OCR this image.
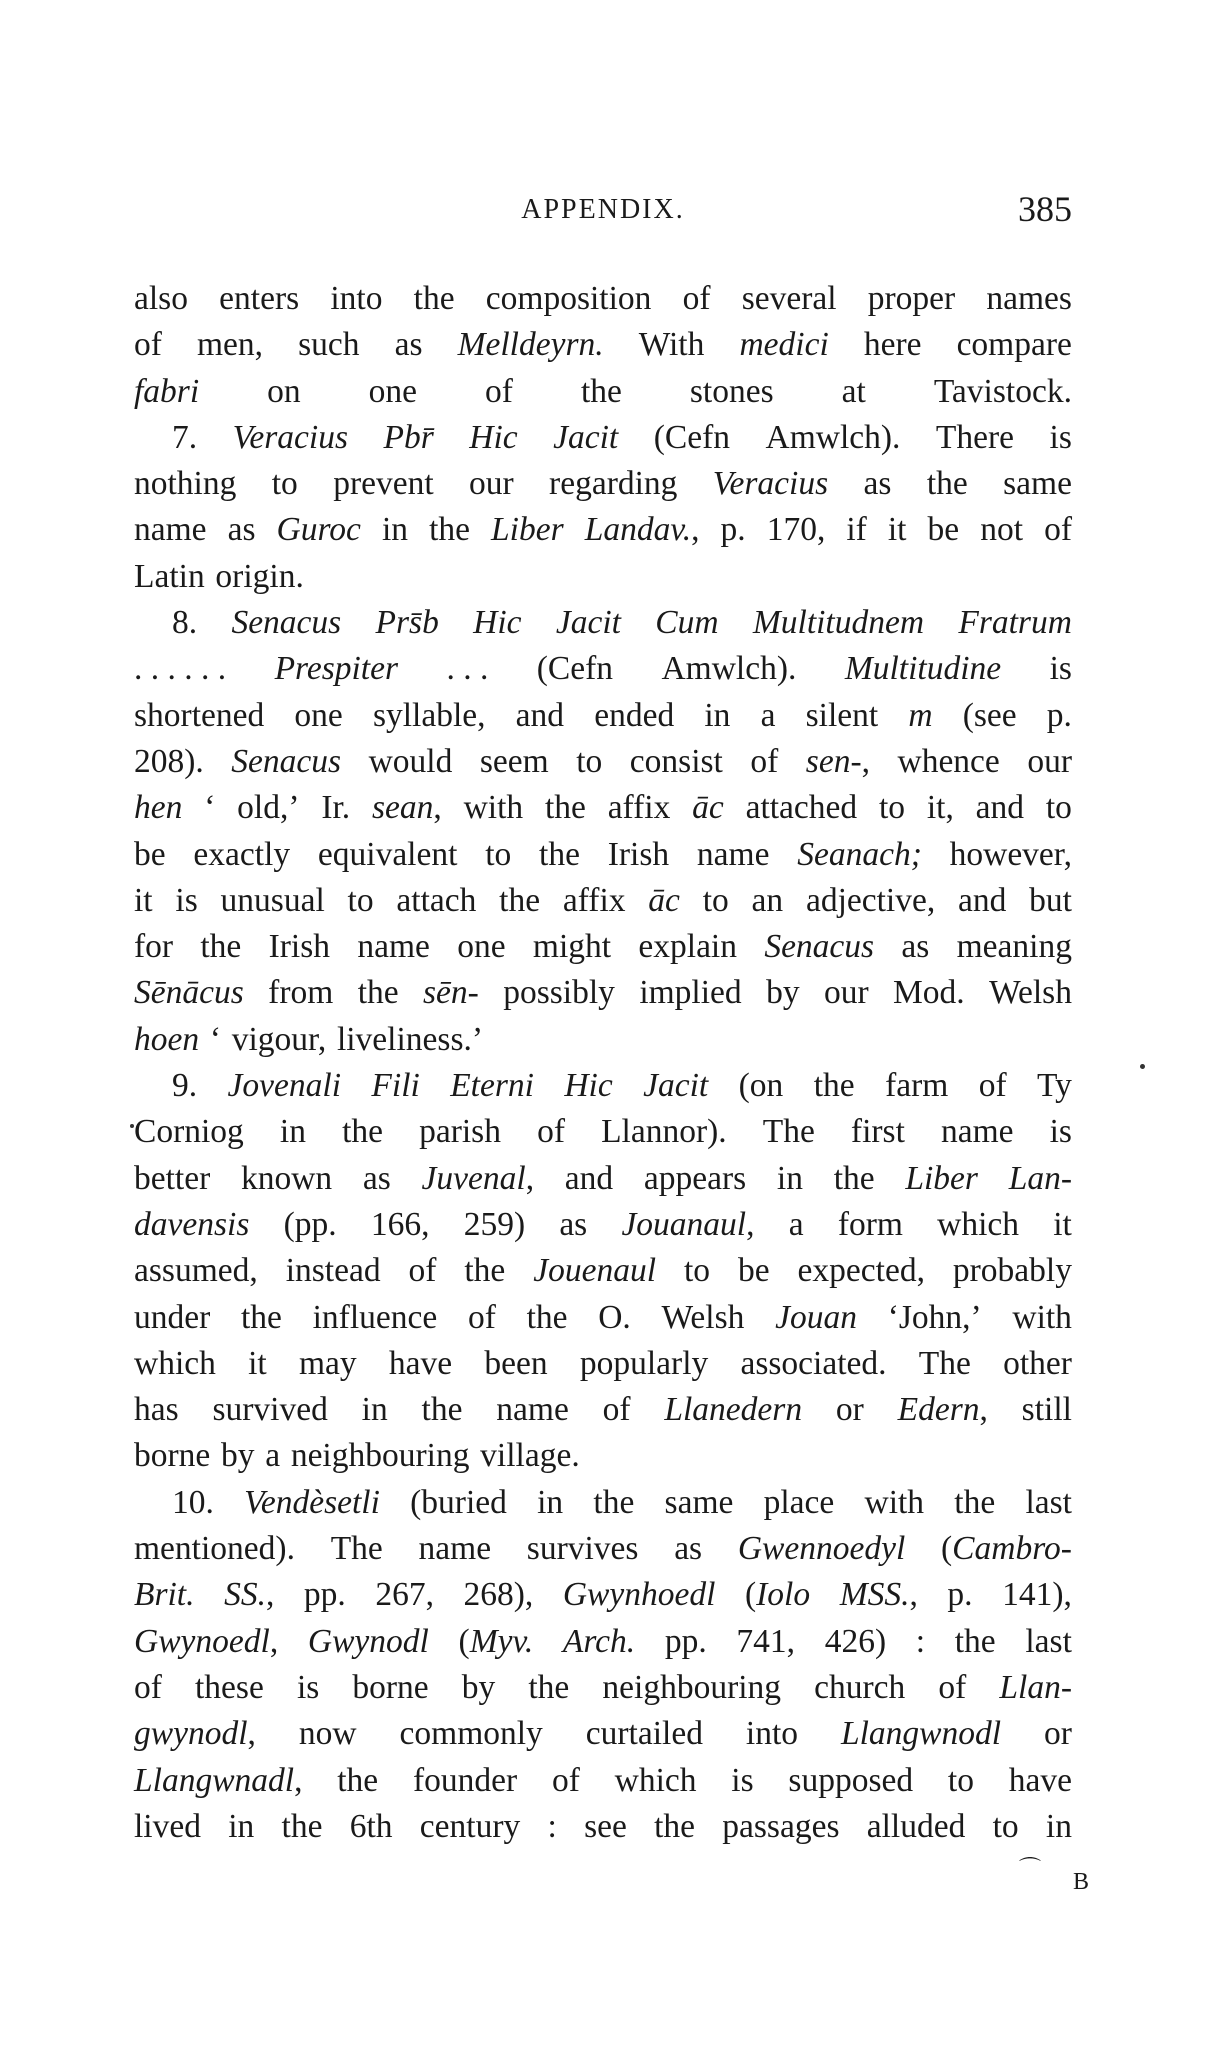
APPENDIX.	385
also enters into the composition of several proper names
of men, such as Melldeyrn. With medici here compare
fabri on one of the stones at Tavistock.
7. Veracius Pbr̄ Hic Jacit (Cefn Amwlch). There is
nothing to prevent our regarding Veracius as the same
name as Guroc in the Liber Landav., p. 170, if it be not of
Latin origin.
8. Senacus Prs̄b Hic Jacit Cum Multitudnem Fratrum
. . . . . . Prespiter . . . (Cefn Amwlch). Multitudine is
shortened one syllable, and ended in a silent m (see p.
208). Senacus would seem to consist of sen-, whence our
hen ‘ old,’ Ir. sean, with the affix āc attached to it, and to
be exactly equivalent to the Irish name Seanach; however,
it is unusual to attach the affix āc to an adjective, and but
for the Irish name one might explain Senacus as meaning
Sēnācus from the sēn- possibly implied by our Mod. Welsh
hoen ‘ vigour, liveliness.’
9. Jovenali Fili Eterni Hic Jacit (on the farm of Ty
Corniog in the parish of Llannor). The first name is
better known as Juvenal, and appears in the Liber Lan-
davensis (pp. 166, 259) as Jouanaul, a form which it
assumed, instead of the Jouenaul to be expected, probably
under the influence of the O. Welsh Jouan ‘John,’ with
which it may have been popularly associated. The other
has survived in the name of Llanedern or Edern, still
borne by a neighbouring village.
10. Vendèsetli (buried in the same place with the last
mentioned). The name survives as Gwennoedyl (Cambro-
Brit. SS., pp. 267, 268), Gwynhoedl (Iolo MSS., p. 141),
Gwynoedl, Gwynodl (Myv. Arch. pp. 741, 426) : the last
of these is borne by the neighbouring church of Llan-
gwynodl, now commonly curtailed into Llangwnodl or
Llangwnadl, the founder of which is supposed to have
lived in the 6th century : see the passages alluded to in
⌒
B
